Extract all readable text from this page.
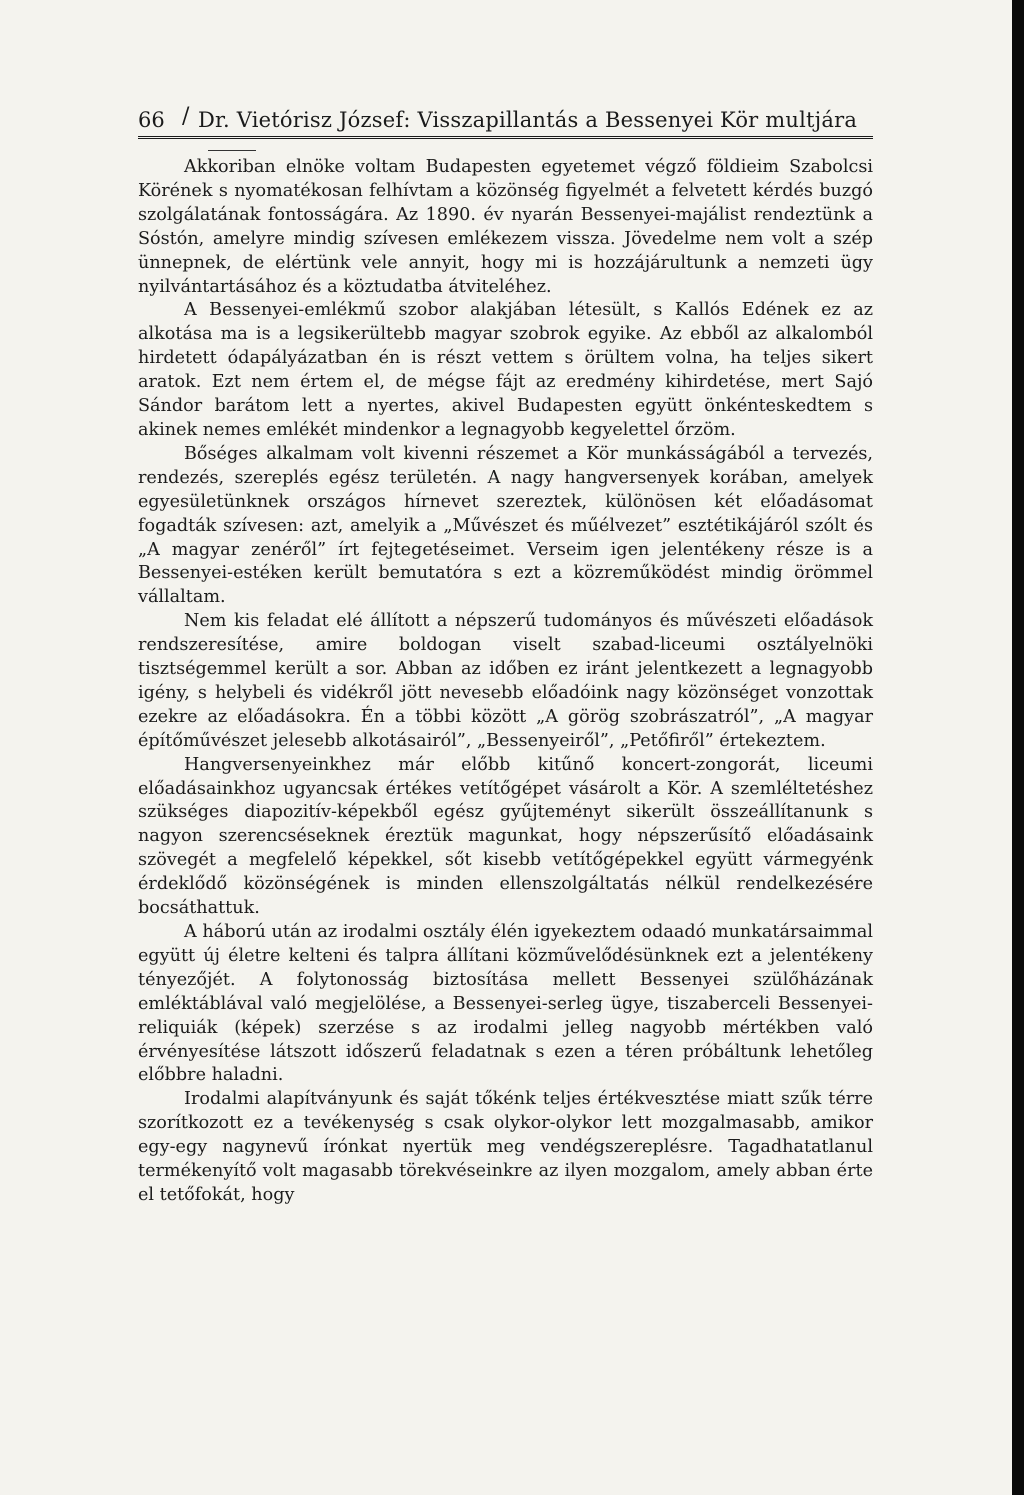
66 / Dr. Vietórisz József: Visszapillantás a Bessenyei Kör multjára

Akkoriban elnöke voltam Budapesten egyetemet végző földieim Szabolcsi Körének s nyomatékosan felhívtam a közönség figyelmét a felvetett kérdés buzgó szolgálatának fontosságára. Az 1890. év nyarán Bessenyei-majálist rendeztünk a Sóstón, amelyre mindig szívesen emlékezem vissza. Jövedelme nem volt a szép ünnepnek, de elértünk vele annyit, hogy mi is hozzájárultunk a nemzeti ügy nyilvántartásához és a köztudatba átviteléhez.

A Bessenyei-emlékmű szobor alakjában létesült, s Kallós Edének ez az alkotása ma is a legsikerültebb magyar szobrok egyike. Az ebből az alkalomból hirdetett ódapályázatban én is részt vettem s örültem volna, ha teljes sikert aratok. Ezt nem értem el, de mégse fájt az eredmény kihirdetése, mert Sajó Sándor barátom lett a nyertes, akivel Budapesten együtt önkénteskedtem s akinek nemes emlékét mindenkor a legnagyobb kegyelettel őrzöm.

Bőséges alkalmam volt kivenni részemet a Kör munkásságából a tervezés, rendezés, szereplés egész területén. A nagy hangversenyek korában, amelyek egyesületünknek országos hírnevet szereztek, különösen két előadásomat fogadták szívesen: azt, amelyik a „Művészet és műélvezet” esztétikájáról szólt és „A magyar zenéről” írt fejtegetéseimet. Verseim igen jelentékeny része is a Bessenyei-estéken került bemutatóra s ezt a közreműködést mindig örömmel vállaltam.

Nem kis feladat elé állított a népszerű tudományos és művészeti előadások rendszeresítése, amire boldogan viselt szabad-liceumi osztályelnöki tisztségemmel került a sor. Abban az időben ez iránt jelentkezett a legnagyobb igény, s helybeli és vidékről jött nevesebb előadóink nagy közönséget vonzottak ezekre az előadásokra. Én a többi között „A görög szobrászatról”, „A magyar építőművészet jelesebb alkotásairól”, „Bessenyeiről”, „Petőfiről” értekeztem.

Hangversenyeinkhez már előbb kitűnő koncert-zongorát, liceumi előadásainkhoz ugyancsak értékes vetítőgépet vásárolt a Kör. A szemléltetéshez szükséges diapozitív-képekből egész gyűjteményt sikerült összeállítanunk s nagyon szerencséseknek éreztük magunkat, hogy népszerűsítő előadásaink szövegét a megfelelő képekkel, sőt kisebb vetítőgépekkel együtt vármegyénk érdeklődő közönségének is minden ellenszolgáltatás nélkül rendelkezésére bocsáthattuk.

A háború után az irodalmi osztály élén igyekeztem odaadó munkatársaimmal együtt új életre kelteni és talpra állítani közművelődésünknek ezt a jelentékeny tényezőjét. A folytonosság biztosítása mellett Bessenyei szülőházának emléktáblával való megjelölése, a Bessenyei-serleg ügye, tiszaberceli Bessenyei-reliquiák (képek) szerzése s az irodalmi jelleg nagyobb mértékben való érvényesítése látszott időszerű feladatnak s ezen a téren próbáltunk lehetőleg előbbre haladni.

Irodalmi alapítványunk és saját tőkénk teljes értékvesztése miatt szűk térre szorítkozott ez a tevékenység s csak olykor-olykor lett mozgalmasabb, amikor egy-egy nagynevű írónkat nyertük meg vendégszereplésre. Tagadhatatlanul termékenyítő volt magasabb törekvéseinkre az ilyen mozgalom, amely abban érte el tetőfokát, hogy
